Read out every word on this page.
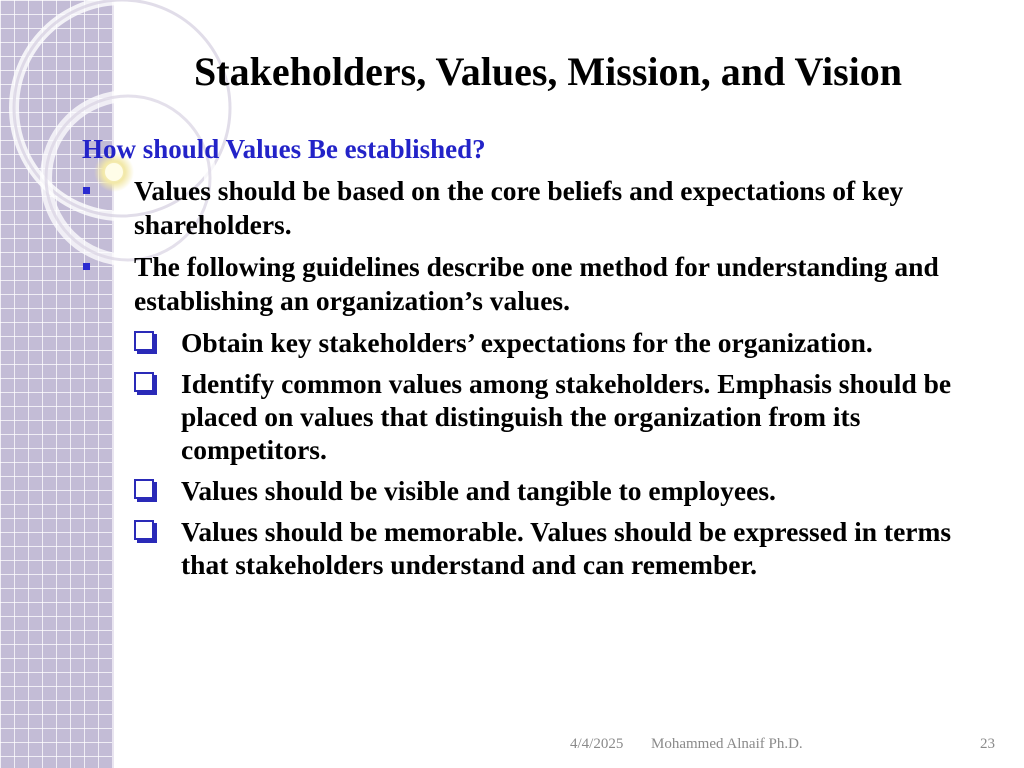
Stakeholders, Values, Mission, and Vision
How should Values Be established?
Values should be based on the core beliefs and expectations of key shareholders.
The following guidelines describe one method for understanding and establishing an organization’s values.
Obtain key stakeholders’ expectations for the organization.
Identify common values among stakeholders. Emphasis should be placed on values that distinguish the organization from its competitors.
Values should be visible and tangible to employees.
Values should be memorable. Values should be expressed in terms that stakeholders understand and can remember.
4/4/2025 Mohammed Alnaif Ph.D.	23
